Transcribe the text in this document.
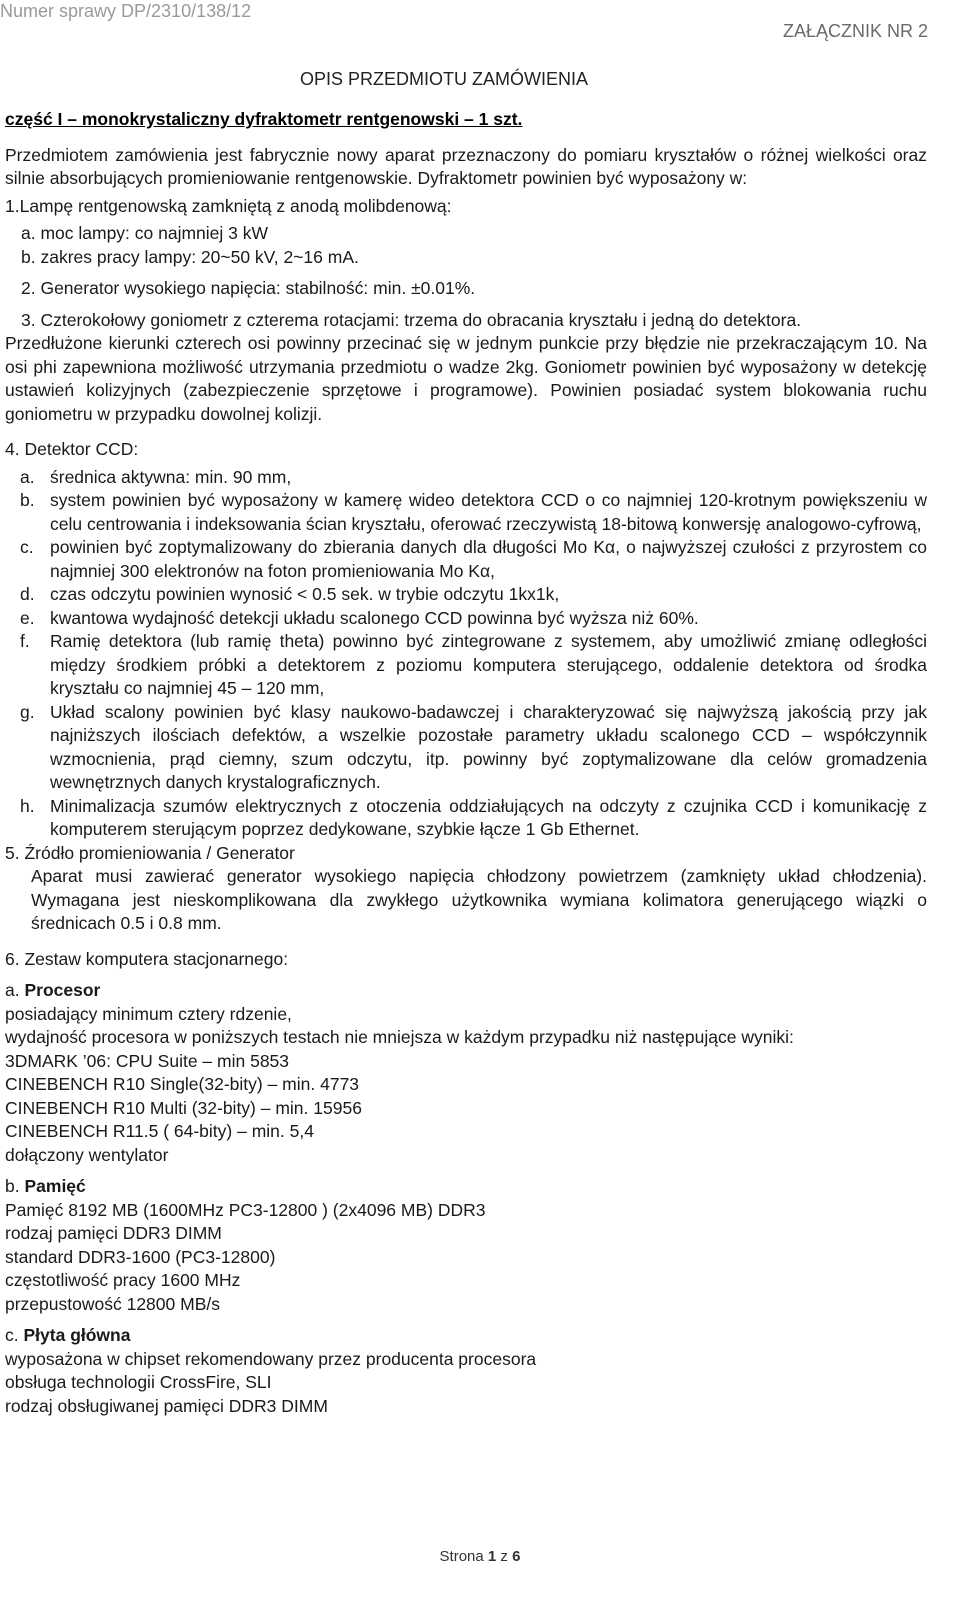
Numer sprawy DP/2310/138/12
ZAŁĄCZNIK NR 2
OPIS PRZEDMIOTU ZAMÓWIENIA

część I – monokrystaliczny dyfraktometr rentgenowski – 1 szt.

Przedmiotem zamówienia jest fabrycznie nowy aparat przeznaczony do pomiaru kryształów o różnej wielkości oraz silnie absorbujących promieniowanie rentgenowskie. Dyfraktometr powinien być wyposażony w:

1.Lampę rentgenowską zamkniętą z anodą molibdenową:

a. moc lampy: co najmniej 3 kW

b. zakres pracy lampy: 20~50 kV, 2~16 mA.

2. Generator wysokiego napięcia: stabilność: min. ±0.01%.

3. Czterokołowy goniometr z czterema rotacjami: trzema do obracania kryształu i jedną do detektora.

Przedłużone kierunki czterech osi powinny przecinać się w jednym punkcie przy błędzie nie przekraczającym 10. Na osi phi zapewniona możliwość utrzymania przedmiotu o wadze 2kg. Goniometr powinien być wyposażony w detekcję ustawień kolizyjnych (zabezpieczenie sprzętowe i programowe). Powinien posiadać system blokowania ruchu goniometru w przypadku dowolnej kolizji.

4. Detektor CCD:

a. średnica aktywna: min. 90 mm,
b. system powinien być wyposażony w kamerę wideo detektora CCD o co najmniej 120-krotnym powiększeniu w celu centrowania i indeksowania ścian kryształu, oferować rzeczywistą 18-bitową konwersję analogowo-cyfrową,
c. powinien być zoptymalizowany do zbierania danych dla długości Mo Kα, o najwyższej czułości z przyrostem co najmniej 300 elektronów na foton promieniowania Mo Kα,
d. czas odczytu powinien wynosić < 0.5 sek. w trybie odczytu 1kx1k,
e. kwantowa wydajność detekcji układu scalonego CCD powinna być wyższa niż 60%.
f.	Ramię detektora (lub ramię theta) powinno być zintegrowane z systemem, aby umożliwić zmianę odległości między środkiem próbki a detektorem z poziomu komputera sterującego, oddalenie detektora od środka kryształu co najmniej 45 – 120 mm,
g. Układ scalony powinien być klasy naukowo-badawczej i charakteryzować się najwyższą jakością przy jak najniższych ilościach defektów, a wszelkie pozostałe parametry układu scalonego CCD – współczynnik wzmocnienia, prąd ciemny, szum odczytu, itp. powinny być zoptymalizowane dla celów gromadzenia wewnętrznych danych krystalograficznych.
h. Minimalizacja szumów elektrycznych z otoczenia oddziałujących na odczyty z czujnika CCD i komunikację z komputerem sterującym poprzez dedykowane, szybkie łącze 1 Gb Ethernet.

5. Źródło promieniowania / Generator

Aparat musi zawierać generator wysokiego napięcia chłodzony powietrzem (zamknięty układ chłodzenia). Wymagana jest nieskomplikowana dla zwykłego użytkownika wymiana kolimatora generującego wiązki o średnicach 0.5 i 0.8 mm.

6. Zestaw komputera stacjonarnego:

a. Procesor

posiadający minimum cztery rdzenie,

wydajność procesora w poniższych testach nie mniejsza w każdym przypadku niż następujące wyniki:

3DMARK ’06: CPU Suite – min 5853

CINEBENCH R10 Single(32-bity) – min. 4773

CINEBENCH R10 Multi (32-bity) – min. 15956

CINEBENCH R11.5 ( 64-bity) – min. 5,4

dołączony wentylator

b. Pamięć

Pamięć 8192 MB (1600MHz PC3-12800 ) (2x4096 MB) DDR3

rodzaj pamięci DDR3 DIMM

standard DDR3-1600 (PC3-12800)

częstotliwość pracy 1600 MHz

przepustowość 12800 MB/s

c. Płyta główna

wyposażona w chipset rekomendowany przez producenta procesora

obsługa technologii CrossFire, SLI

rodzaj obsługiwanej pamięci DDR3 DIMM

Strona 1 z 6
